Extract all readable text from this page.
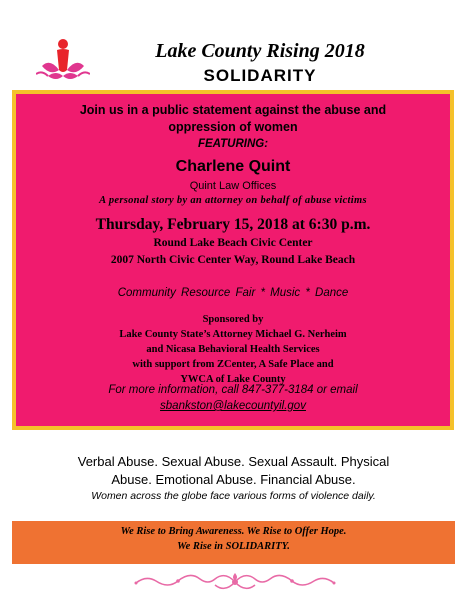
Lake County Rising 2018
SOLIDARITY

Join us in a public statement against the abuse and
oppression of women

FEATURING:

Charlene Quint

Quint Law Offices

A personal story by an attorney on behalf of abuse victims

Thursday, February 15, 2018 at 6:30 p.m.

Round Lake Beach Civic Center

2007 North Civic Center Way, Round Lake Beach

Community Resource Fair * Music * Dance

Sponsored by
Lake County State’s Attorney Michael G. Nerheim
and Nicasa Behavioral Health Services
with support from ZCenter, A Safe Place and
YWCA of Lake County

For more information, call 847-377-3184 or email

sbankston@lakecountyil.gov

Verbal Abuse. Sexual Abuse. Sexual Assault. Physical

Abuse. Emotional Abuse. Financial Abuse.

Women across the globe face various forms of violence daily.

We Rise to Bring Awareness. We Rise to Offer Hope.

We Rise in SOLIDARITY.
